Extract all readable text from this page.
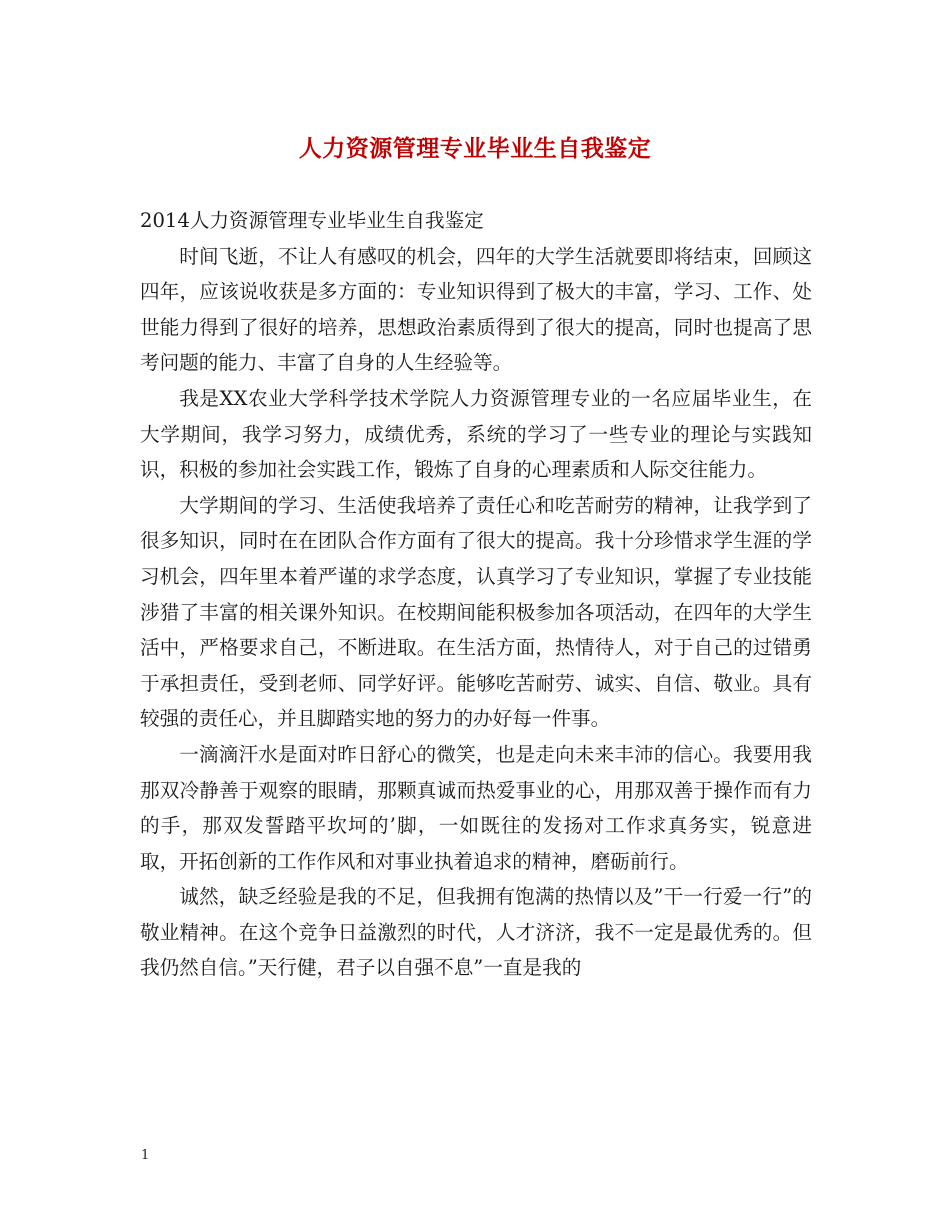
人力资源管理专业毕业生自我鉴定

2014人力资源管理专业毕业生自我鉴定

时间飞逝，不让人有感叹的机会，四年的大学生活就要即将结束，回顾这四年，应该说收获是多方面的：专业知识得到了极大的丰富，学习、工作、处世能力得到了很好的培养，思想政治素质得到了很大的提高，同时也提高了思考问题的能力、丰富了自身的人生经验等。

我是XX农业大学科学技术学院人力资源管理专业的一名应届毕业生，在大学期间，我学习努力，成绩优秀，系统的学习了一些专业的理论与实践知识，积极的参加社会实践工作，锻炼了自身的心理素质和人际交往能力。

大学期间的学习、生活使我培养了责任心和吃苦耐劳的精神，让我学到了很多知识，同时在在团队合作方面有了很大的提高。我十分珍惜求学生涯的学习机会，四年里本着严谨的求学态度，认真学习了专业知识，掌握了专业技能涉猎了丰富的相关课外知识。在校期间能积极参加各项活动，在四年的大学生活中，严格要求自己，不断进取。在生活方面，热情待人，对于自己的过错勇于承担责任，受到老师、同学好评。能够吃苦耐劳、诚实、自信、敬业。具有较强的责任心，并且脚踏实地的努力的办好每一件事。

一滴滴汗水是面对昨日舒心的微笑，也是走向未来丰沛的信心。我要用我那双冷静善于观察的眼睛，那颗真诚而热爱事业的心，用那双善于操作而有力的手，那双发誓踏平坎坷的’脚，一如既往的发扬对工作求真务实，锐意进取，开拓创新的工作作风和对事业执着追求的精神，磨砺前行。

诚然，缺乏经验是我的不足，但我拥有饱满的热情以及”干一行爱一行”的敬业精神。在这个竞争日益激烈的时代，人才济济，我不一定是最优秀的。但我仍然自信。”天行健，君子以自强不息”一直是我的

1
